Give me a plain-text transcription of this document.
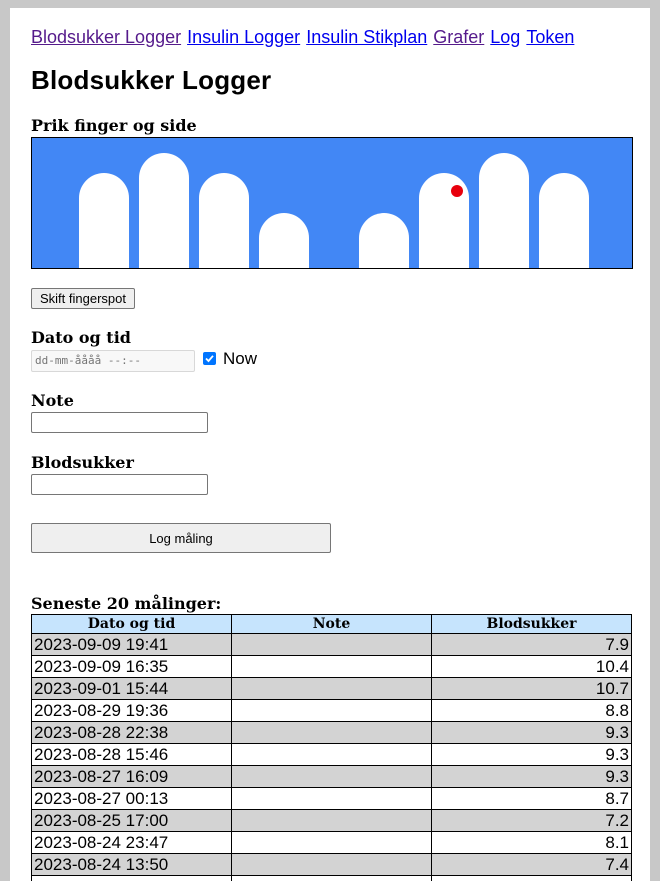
Blodsukker Logger Insulin Logger Insulin Stikplan Grafer Log Token
Blodsukker Logger
Prik finger og side
Skift fingerspot
Dato og tid
dd-mm-åååå --:--	Now
Note
Blodsukker
Log måling
Seneste 20 målinger:
Dato og tid	Note	Blodsukker
2023-09-09 19:41		7.9
2023-09-09 16:35		10.4
2023-09-01 15:44		10.7
2023-08-29 19:36		8.8
2023-08-28 22:38		9.3
2023-08-28 15:46		9.3
2023-08-27 16:09		9.3
2023-08-27 00:13		8.7
2023-08-25 17:00		7.2
2023-08-24 23:47		8.1
2023-08-24 13:50		7.4
